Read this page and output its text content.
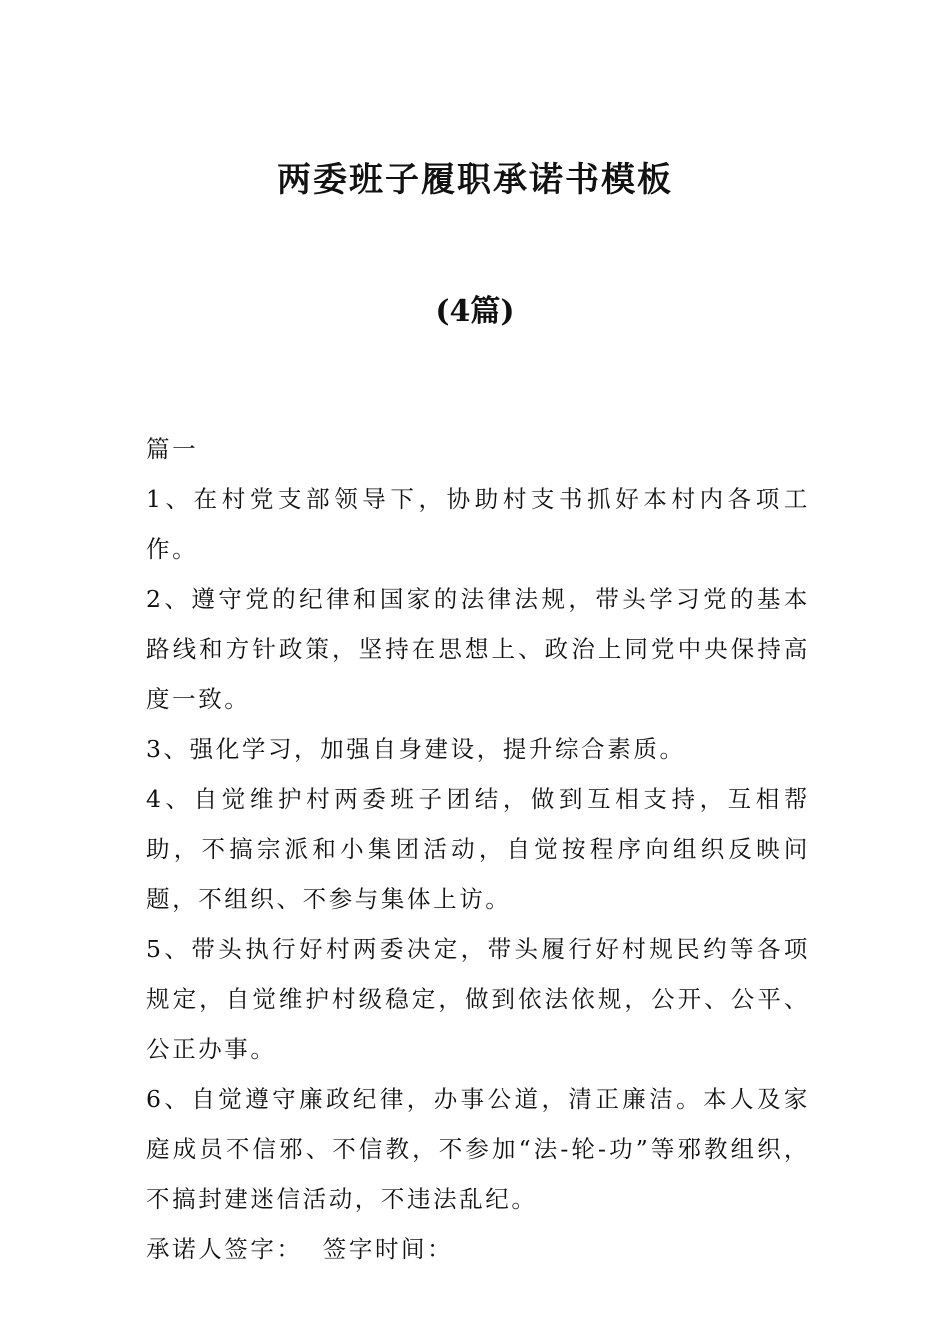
两委班子履职承诺书模板
(4篇)

篇一

1、在村党支部领导下，协助村支书抓好本村内各项工作。

2、遵守党的纪律和国家的法律法规，带头学习党的基本路线和方针政策，坚持在思想上、政治上同党中央保持高度一致。

3、强化学习，加强自身建设，提升综合素质。

4、自觉维护村两委班子团结，做到互相支持，互相帮助，不搞宗派和小集团活动，自觉按程序向组织反映问题，不组织、不参与集体上访。

5、带头执行好村两委决定，带头履行好村规民约等各项规定，自觉维护村级稳定，做到依法依规，公开、公平、公正办事。

6、自觉遵守廉政纪律，办事公道，清正廉洁。本人及家庭成员不信邪、不信教，不参加“法-轮-功”等邪教组织，不搞封建迷信活动，不违法乱纪。

承诺人签字：  签字时间：
